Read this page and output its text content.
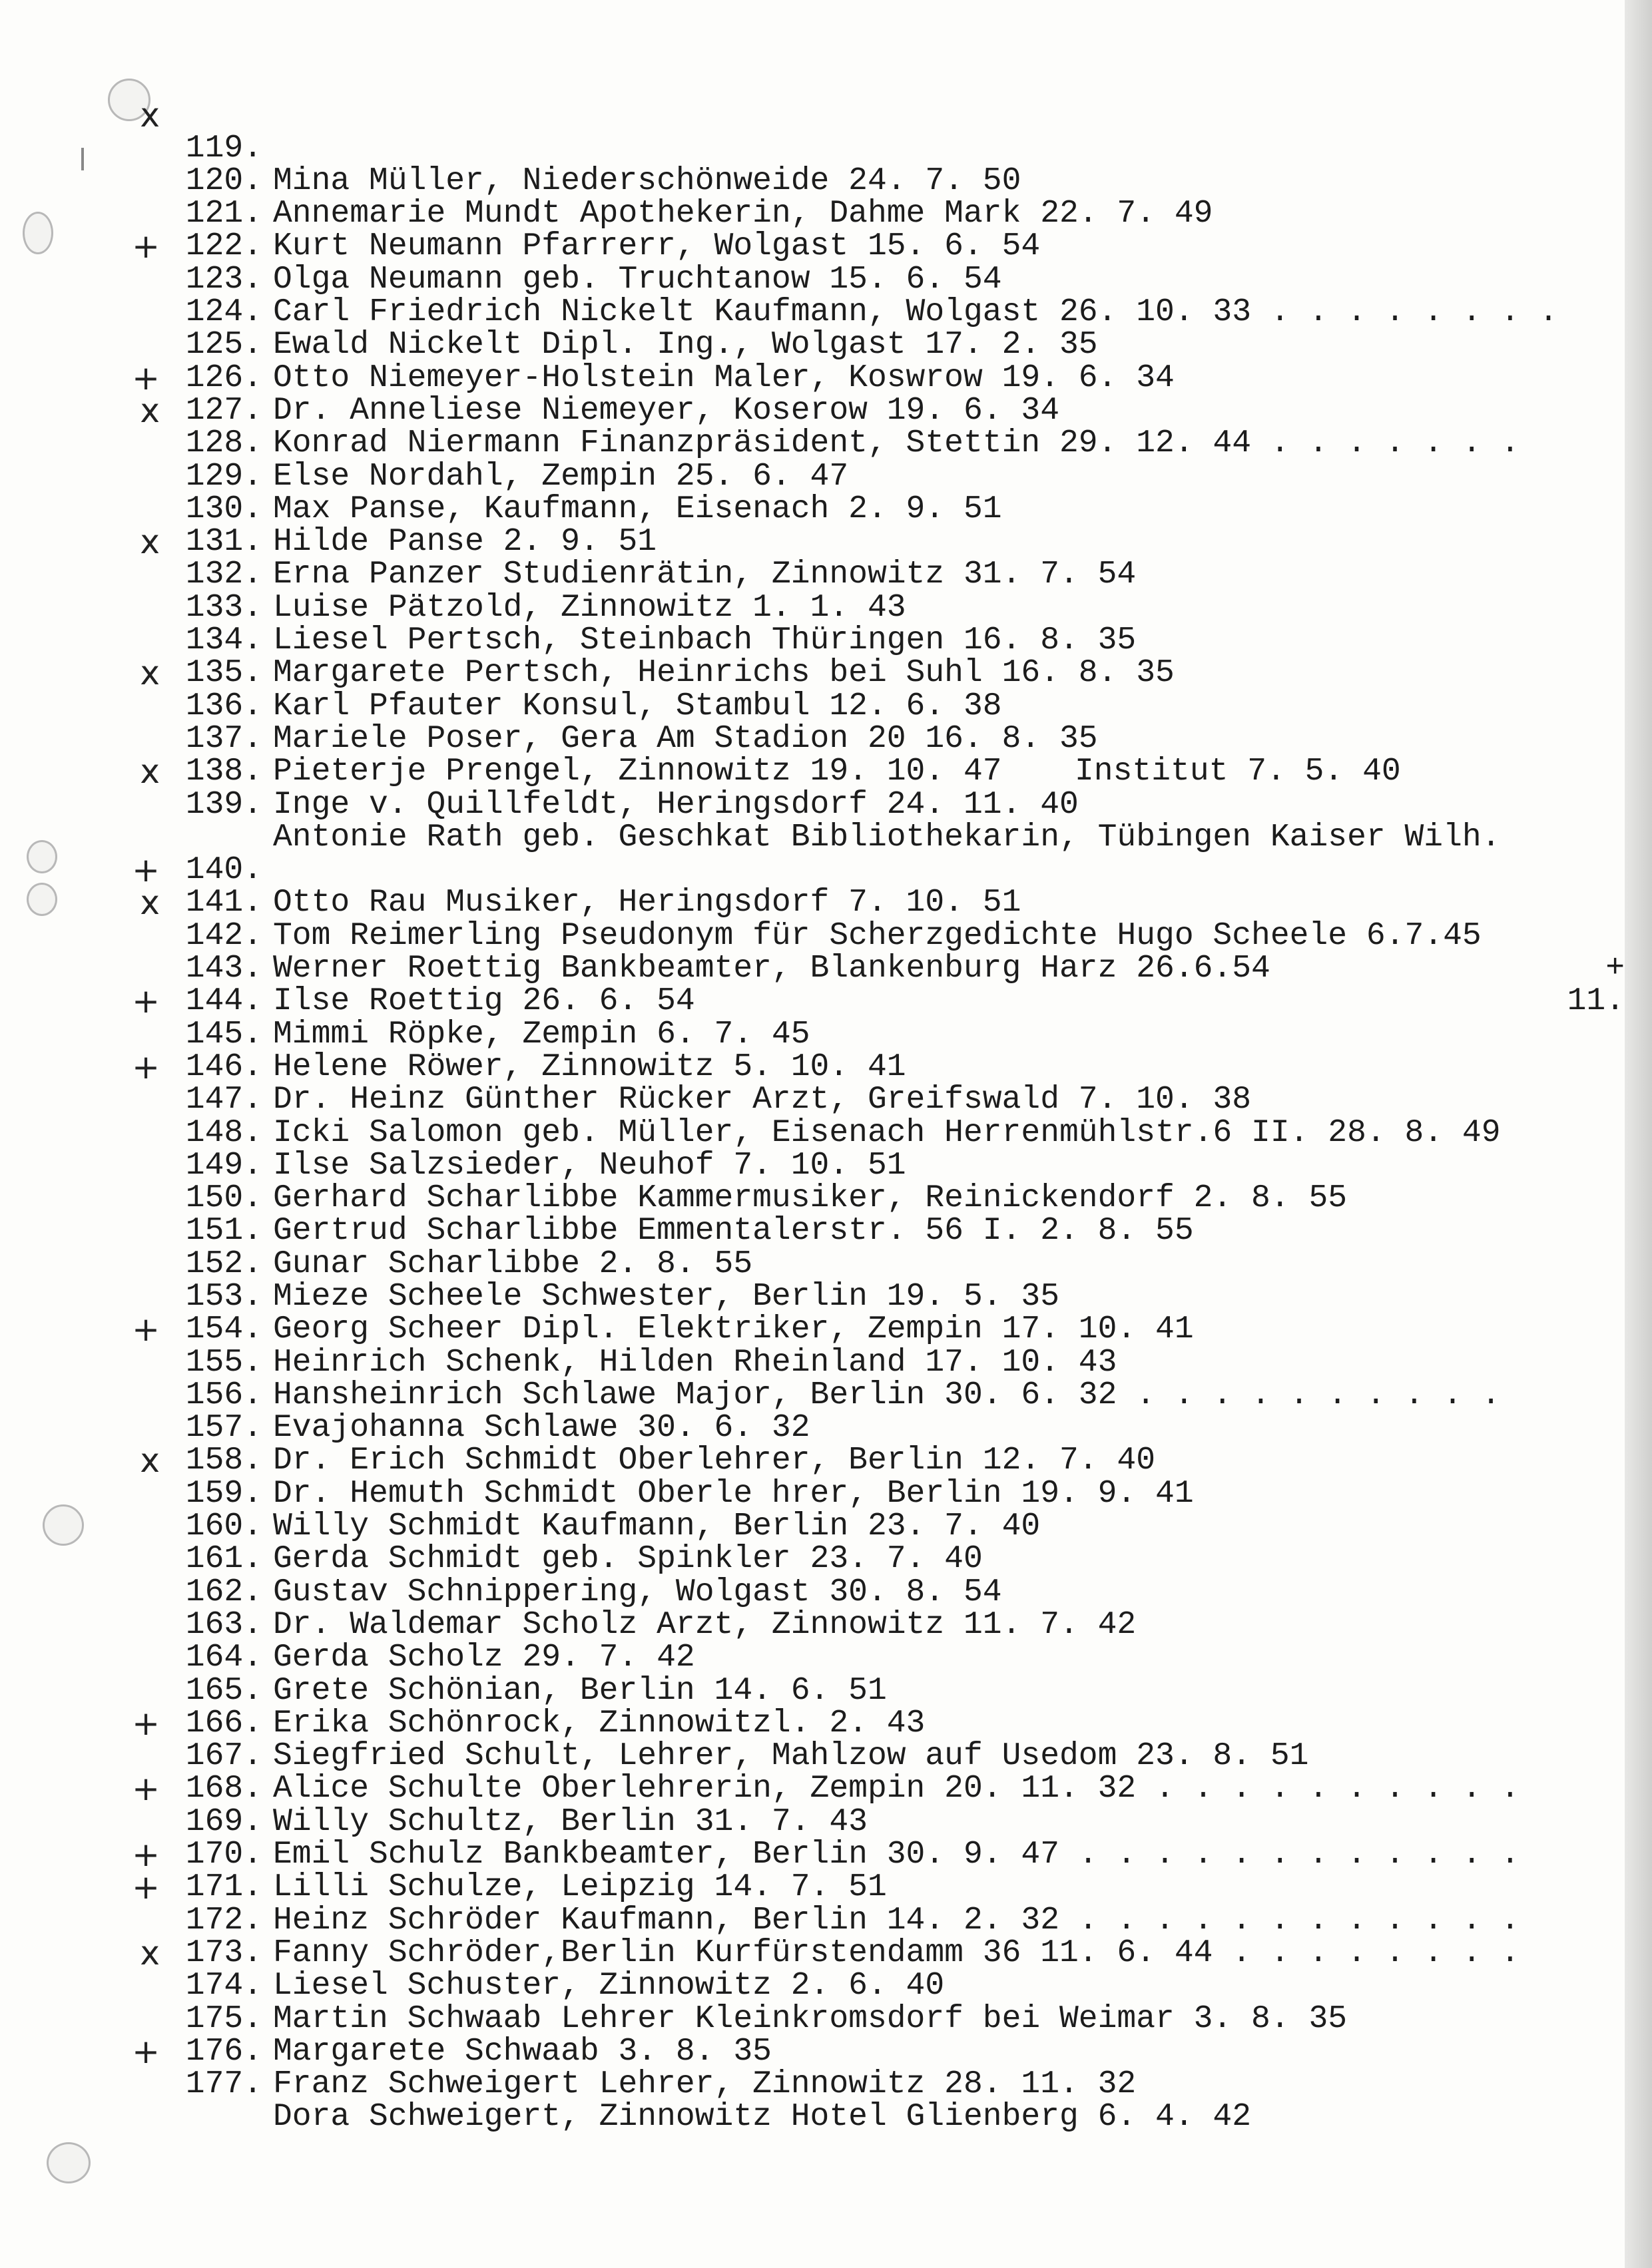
x

119.

Mina Müller, Niederschönweide 24. 7. 50

120.

Annemarie Mundt Apothekerin, Dahme Mark 22. 7. 49

121.

Kurt Neumann Pfarrerr, Wolgast 15. 6. 54

122.

Olga Neumann geb. Truchtanow 15. 6. 54

+

123.

Carl Friedrich Nickelt Kaufmann, Wolgast 26. 10. 33 . . . . . . . .

124.

Ewald Nickelt Dipl. Ing., Wolgast 17. 2. 35

125.

Otto Niemeyer-Holstein Maler, Koswrow 19. 6. 34

126.

Dr. Anneliese Niemeyer, Koserow 19. 6. 34

+

127.

Konrad Niermann Finanzpräsident, Stettin 29. 12. 44 . . . . . . .

x

128.

Else Nordahl, Zempin 25. 6. 47

129.

Max Panse, Kaufmann, Eisenach 2. 9. 51

130.

Hilde Panse 2. 9. 51

131.

Erna Panzer Studienrätin, Zinnowitz 31. 7. 54

x

132.

Luise Pätzold, Zinnowitz 1. 1. 43

133.

Liesel Pertsch, Steinbach Thüringen 16. 8. 35

134.

Margarete Pertsch, Heinrichs bei Suhl 16. 8. 35

135.

Karl Pfauter Konsul, Stambul 12. 6. 38

x

136.

Mariele Poser, Gera Am Stadion 20 16. 8. 35

137.

Pieterje Prengel, Zinnowitz 19. 10. 47

138.

Inge v. Quillfeldt, Heringsdorf 24. 11. 40

x

139.

Antonie Rath geb. Geschkat Bibliothekarin, Tübingen Kaiser Wilh.

Institut 7. 5. 40

140.

Otto Rau Musiker, Heringsdorf 7. 10. 51

+

141.

Tom Reimerling Pseudonym für Scherzgedichte Hugo Scheele 6.7.45

+

x

142.

Werner Roettig Bankbeamter, Blankenburg Harz 26.6.54

11.

143.

Ilse Roettig 26. 6. 54

144.

Mimmi Röpke, Zempin 6. 7. 45

+

145.

Helene Röwer, Zinnowitz 5. 10. 41

146.

Dr. Heinz Günther Rücker Arzt, Greifswald 7. 10. 38

+

147.

Icki Salomon geb. Müller, Eisenach Herrenmühlstr.6 II. 28. 8. 49

148.

Ilse Salzsieder, Neuhof 7. 10. 51

149.

Gerhard Scharlibbe Kammermusiker, Reinickendorf 2. 8. 55

150.

Gertrud Scharlibbe Emmentalerstr. 56 I. 2. 8. 55

151.

Gunar Scharlibbe 2. 8. 55

152.

Mieze Scheele Schwester, Berlin 19. 5. 35

153.

Georg Scheer Dipl. Elektriker, Zempin 17. 10. 41

154.

Heinrich Schenk, Hilden Rheinland 17. 10. 43

+

155.

Hansheinrich Schlawe Major, Berlin 30. 6. 32 . . . . . . . . . .

156.

Evajohanna Schlawe 30. 6. 32

157.

Dr. Erich Schmidt Oberlehrer, Berlin 12. 7. 40

158.

Dr. Hemuth Schmidt Oberle hrer, Berlin 19. 9. 41

x

159.

Willy Schmidt Kaufmann, Berlin 23. 7. 40

160.

Gerda Schmidt geb. Spinkler 23. 7. 40

161.

Gustav Schnippering, Wolgast 30. 8. 54

162.

Dr. Waldemar Scholz Arzt, Zinnowitz 11. 7. 42

163.

Gerda Scholz 29. 7. 42

164.

Grete Schönian, Berlin 14. 6. 51

165.

Erika Schönrock, Zinnowitzl. 2. 43

166.

Siegfried Schult, Lehrer, Mahlzow auf Usedom 23. 8. 51

+

167.

Alice Schulte Oberlehrerin, Zempin 20. 11. 32 . . . . . . . . . .

168.

Willy Schultz, Berlin 31. 7. 43

+

169.

Emil Schulz Bankbeamter, Berlin 30. 9. 47 . . . . . . . . . . . .

170.

Lilli Schulze, Leipzig 14. 7. 51

+

171.

Heinz Schröder Kaufmann, Berlin 14. 2. 32 . . . . . . . . . . . .

+

172.

Fanny Schröder,Berlin Kurfürstendamm 36 11. 6. 44 . . . . . . . .

173.

Liesel Schuster, Zinnowitz 2. 6. 40

x

174.

Martin Schwaab Lehrer Kleinkromsdorf bei Weimar 3. 8. 35

175.

Margarete Schwaab 3. 8. 35

176.

Franz Schweigert Lehrer, Zinnowitz 28. 11. 32

+

177.

Dora Schweigert, Zinnowitz Hotel Glienberg 6. 4. 42
